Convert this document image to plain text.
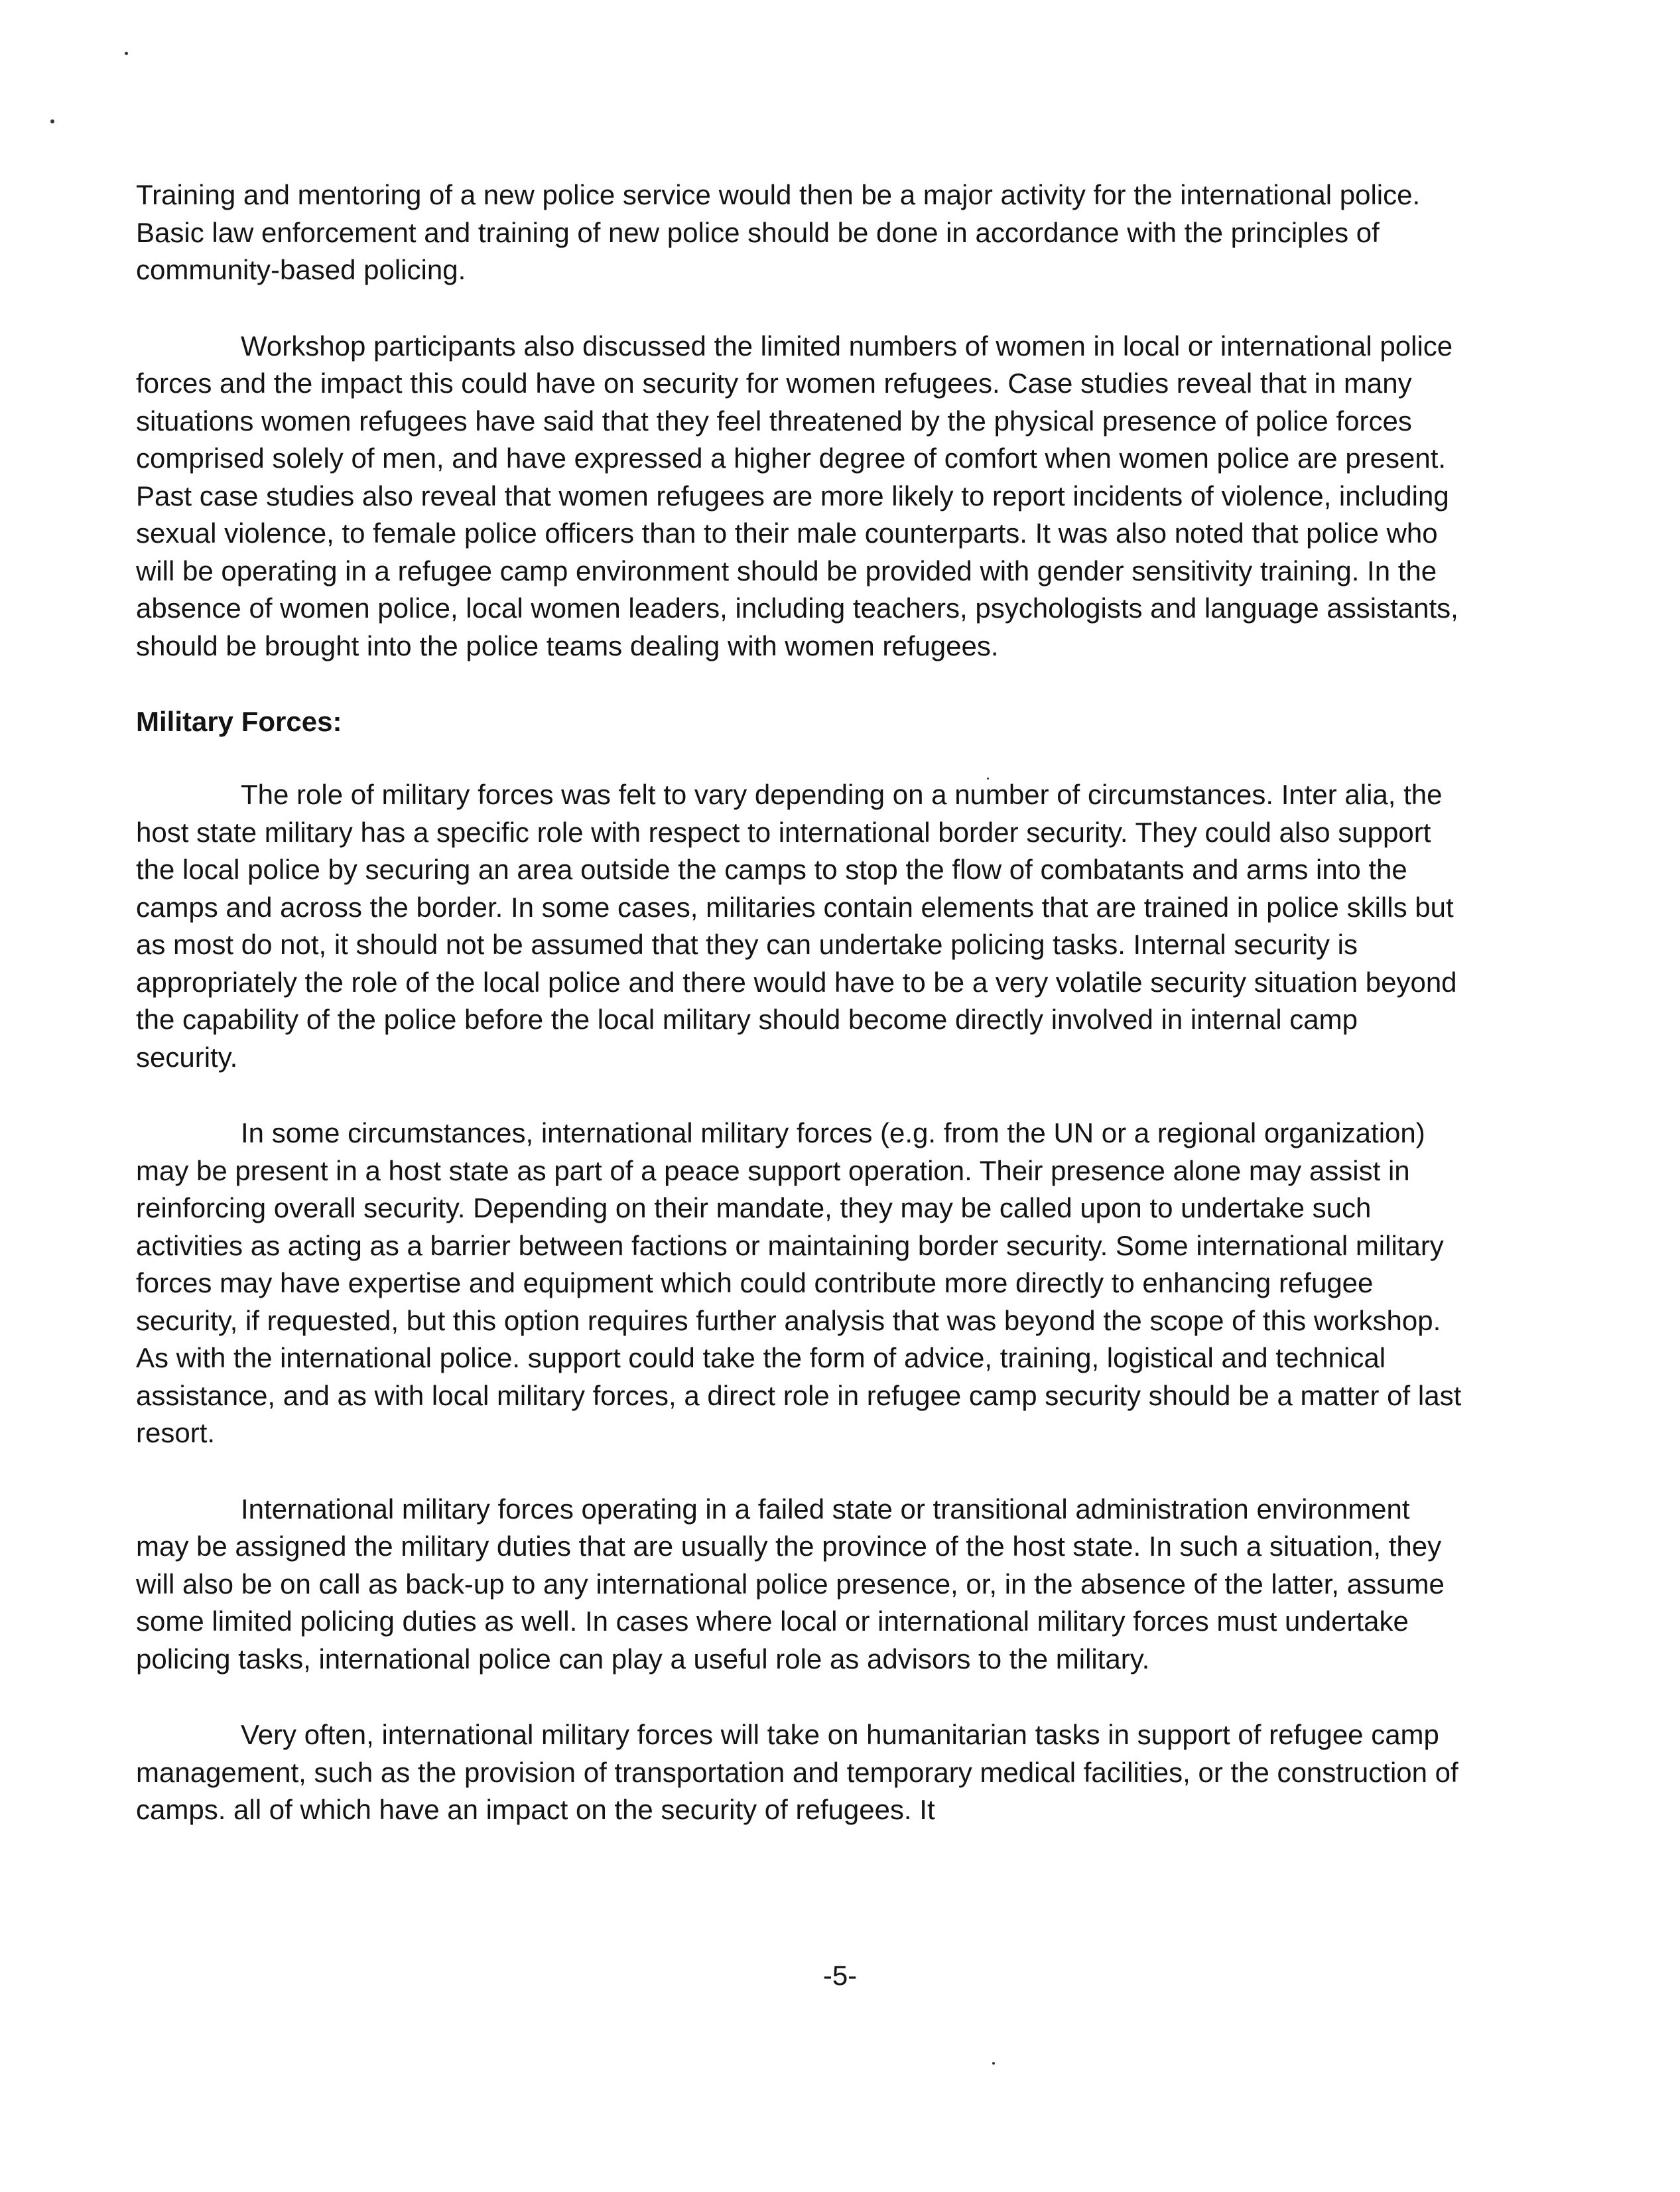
Training and mentoring of a new police service would then be a major activity for the international police. Basic law enforcement and training of new police should be done in accordance with the principles of community-based policing.

Workshop participants also discussed the limited numbers of women in local or international police forces and the impact this could have on security for women refugees. Case studies reveal that in many situations women refugees have said that they feel threatened by the physical presence of police forces comprised solely of men, and have expressed a higher degree of comfort when women police are present. Past case studies also reveal that women refugees are more likely to report incidents of violence, including sexual violence, to female police officers than to their male counterparts. It was also noted that police who will be operating in a refugee camp environment should be provided with gender sensitivity training. In the absence of women police, local women leaders, including teachers, psychologists and language assistants, should be brought into the police teams dealing with women refugees.

Military Forces:

The role of military forces was felt to vary depending on a number of circumstances. Inter alia, the host state military has a specific role with respect to international border security. They could also support the local police by securing an area outside the camps to stop the flow of combatants and arms into the camps and across the border. In some cases, militaries contain elements that are trained in police skills but as most do not, it should not be assumed that they can undertake policing tasks. Internal security is appropriately the role of the local police and there would have to be a very volatile security situation beyond the capability of the police before the local military should become directly involved in internal camp security.

In some circumstances, international military forces (e.g. from the UN or a regional organization) may be present in a host state as part of a peace support operation. Their presence alone may assist in reinforcing overall security. Depending on their mandate, they may be called upon to undertake such activities as acting as a barrier between factions or maintaining border security. Some international military forces may have expertise and equipment which could contribute more directly to enhancing refugee security, if requested, but this option requires further analysis that was beyond the scope of this workshop. As with the international police. support could take the form of advice, training, logistical and technical assistance, and as with local military forces, a direct role in refugee camp security should be a matter of last resort.

International military forces operating in a failed state or transitional administration environment may be assigned the military duties that are usually the province of the host state. In such a situation, they will also be on call as back-up to any international police presence, or, in the absence of the latter, assume some limited policing duties as well. In cases where local or international military forces must undertake policing tasks, international police can play a useful role as advisors to the military.

Very often, international military forces will take on humanitarian tasks in support of refugee camp management, such as the provision of transportation and temporary medical facilities, or the construction of camps. all of which have an impact on the security of refugees. It

-5-
